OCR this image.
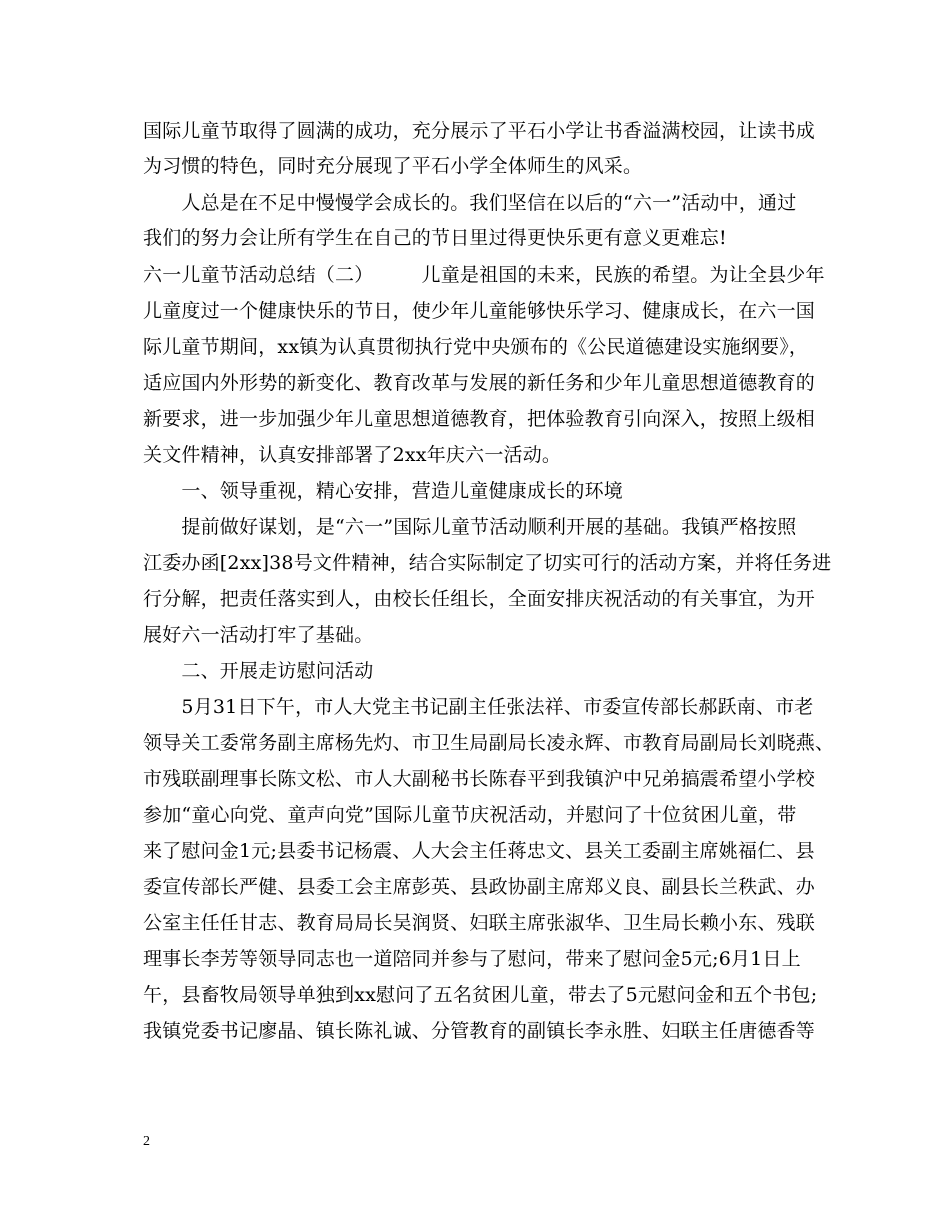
国际儿童节取得了圆满的成功，充分展示了平石小学让书香溢满校园，让读书成
为习惯的特色，同时充分展现了平石小学全体师生的风采。
　　人总是在不足中慢慢学会成长的。我们坚信在以后的“六一”活动中，通过
我们的努力会让所有学生在自己的节日里过得更快乐更有意义更难忘!
六一儿童节活动总结（二）　　　儿童是祖国的未来，民族的希望。为让全县少年
儿童度过一个健康快乐的节日，使少年儿童能够快乐学习、健康成长，在六一国
际儿童节期间，xx镇为认真贯彻执行党中央颁布的《公民道德建设实施纲要》，
适应国内外形势的新变化、教育改革与发展的新任务和少年儿童思想道德教育的
新要求，进一步加强少年儿童思想道德教育，把体验教育引向深入，按照上级相
关文件精神，认真安排部署了2xx年庆六一活动。
　　一、领导重视，精心安排，营造儿童健康成长的环境
　　提前做好谋划，是“六一”国际儿童节活动顺利开展的基础。我镇严格按照
江委办函[2xx]38号文件精神，结合实际制定了切实可行的活动方案，并将任务进
行分解，把责任落实到人，由校长任组长，全面安排庆祝活动的有关事宜，为开
展好六一活动打牢了基础。
　　二、开展走访慰问活动
　　5月31日下午，市人大党主书记副主任张法祥、市委宣传部长郝跃南、市老
领导关工委常务副主席杨先灼、市卫生局副局长凌永辉、市教育局副局长刘晓燕、
市残联副理事长陈文松、市人大副秘书长陈春平到我镇沪中兄弟搞震希望小学校
参加“童心向党、童声向党”国际儿童节庆祝活动，并慰问了十位贫困儿童，带
来了慰问金1元;县委书记杨震、人大会主任蒋忠文、县关工委副主席姚福仁、县
委宣传部长严健、县委工会主席彭英、县政协副主席郑义良、副县长兰秩武、办
公室主任任甘志、教育局局长吴润贤、妇联主席张淑华、卫生局长赖小东、残联
理事长李芳等领导同志也一道陪同并参与了慰问，带来了慰问金5元;6月1日上
午，县畜牧局领导单独到xx慰问了五名贫困儿童，带去了5元慰问金和五个书包;
我镇党委书记廖晶、镇长陈礼诚、分管教育的副镇长李永胜、妇联主任唐德香等
2
